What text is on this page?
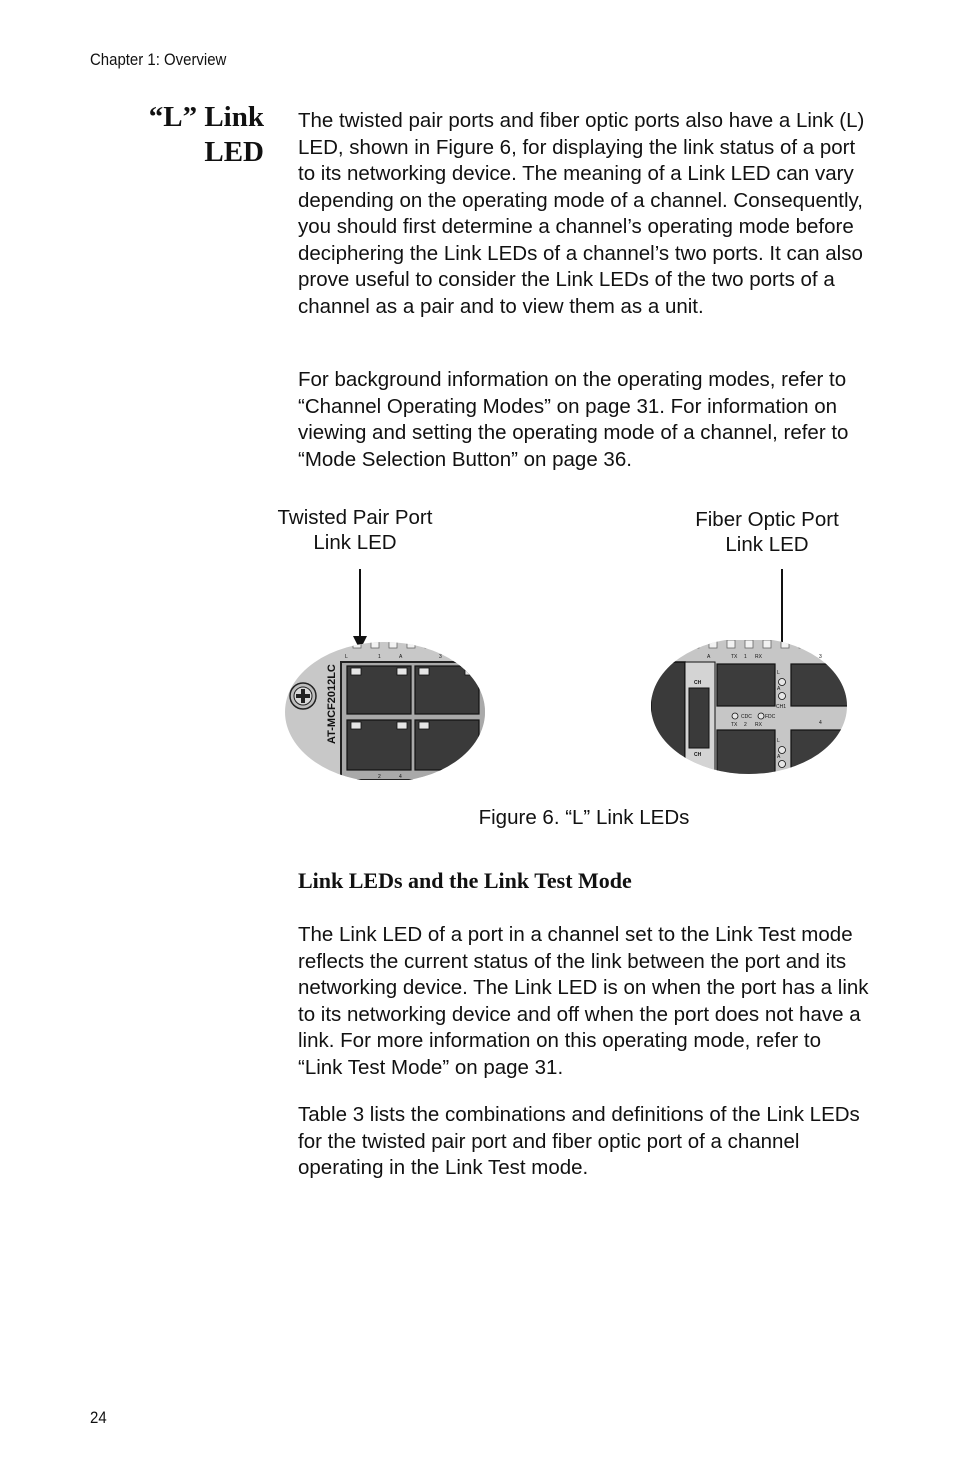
Chapter 1: Overview
“L” Link
LED

The twisted pair ports and fiber optic ports also have a Link (L) LED, shown in Figure 6, for displaying the link status of a port to its networking device. The meaning of a Link LED can vary depending on the operating mode of a channel. Consequently, you should first determine a channel’s operating mode before deciphering the Link LEDs of a channel’s two ports. It can also prove useful to consider the Link LEDs of the two ports of a channel as a pair and to view them as a unit.

For background information on the operating modes, refer to “Channel Operating Modes” on page 31. For information on viewing and setting the operating mode of a channel, refer to “Mode Selection Button” on page 36.

Twisted Pair Port
Link LED
Fiber Optic Port
Link LED
AT-MCF2012LC
L	1	A	3
2	4
A	TX 1 RX	3
CH
L
A
CH1
CDC	FDC
TX 2 RX	4
L
A
CH
Figure 6. “L” Link LEDs
Link LEDs and the Link Test Mode

The Link LED of a port in a channel set to the Link Test mode reflects the current status of the link between the port and its networking device. The Link LED is on when the port has a link to its networking device and off when the port does not have a link. For more information on this operating mode, refer to “Link Test Mode” on page 31.

Table 3 lists the combinations and definitions of the Link LEDs for the twisted pair port and fiber optic port of a channel operating in the Link Test mode.

24
